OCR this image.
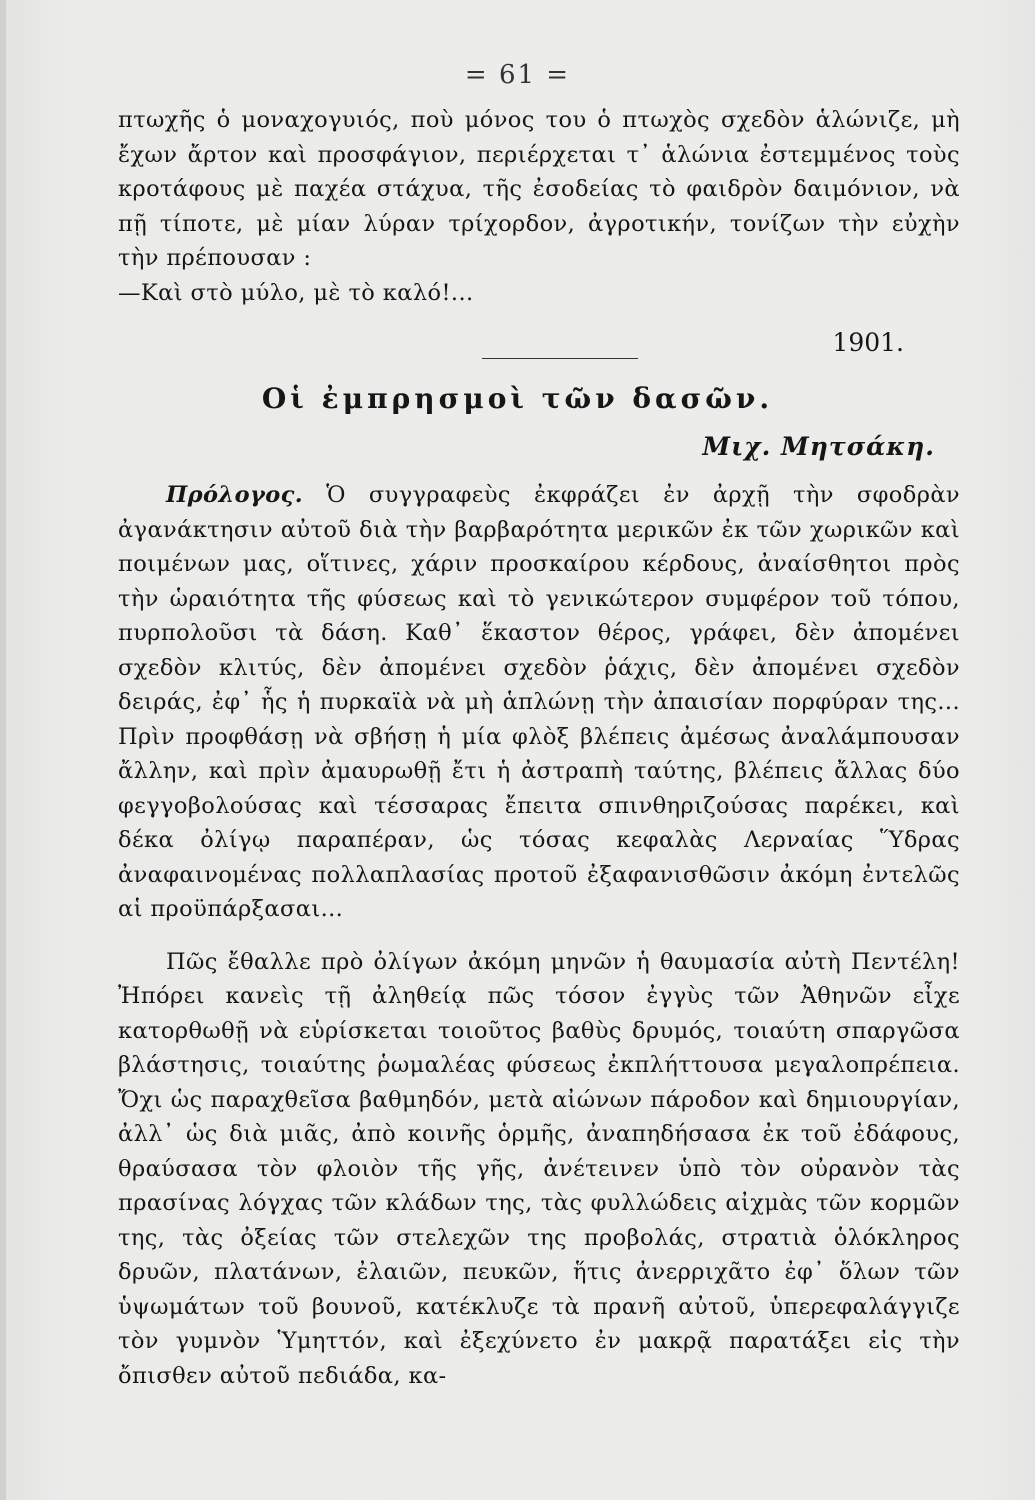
= 61 =

πτωχῆς ὁ μοναχογυιός, ποὺ μόνος του ὁ πτωχὸς σχεδὸν ἁλώνιζε, μὴ ἔχων ἄρτον καὶ προσφάγιον, περιέρχεται τ᾽ ἁλώνια ἐστεμμένος τοὺς κροτάφους μὲ παχέα στάχυα, τῆς ἐσοδείας τὸ φαιδρὸν δαιμόνιον, νὰ πῇ τίποτε, μὲ μίαν λύραν τρίχορδον, ἀγροτικήν, τονίζων τὴν εὐχὴν τὴν πρέπουσαν :

—Καὶ στὸ μύλο, μὲ τὸ καλό!...

1901.
Οἱ ἐμπρησμοὶ τῶν δασῶν.
Μιχ. Μητσάκη.

Πρόλογος. Ὁ συγγραφεὺς ἐκφράζει ἐν ἀρχῇ τὴν σφοδρὰν ἀγανάκτησιν αὐτοῦ διὰ τὴν βαρβαρότητα μερικῶν ἐκ τῶν χωρικῶν καὶ ποιμένων μας, οἵτινες, χάριν προσκαίρου κέρδους, ἀναίσθητοι πρὸς τὴν ὡραιότητα τῆς φύσεως καὶ τὸ γενικώτερον συμφέρον τοῦ τόπου, πυρπολοῦσι τὰ δάση. Καθ᾽ ἕκαστον θέρος, γράφει, δὲν ἀπομένει σχεδὸν κλιτύς, δὲν ἀπομένει σχεδὸν ῥάχις, δὲν ἀπομένει σχεδὸν δειράς, ἐφ᾽ ἧς ἡ πυρκαϊὰ νὰ μὴ ἁπλώνῃ τὴν ἀπαισίαν πορφύραν της... Πρὶν προφθάσῃ νὰ σβήσῃ ἡ μία φλὸξ βλέπεις ἀμέσως ἀναλάμπουσαν ἄλλην, καὶ πρὶν ἀμαυρωθῇ ἔτι ἡ ἀστραπὴ ταύτης, βλέπεις ἄλλας δύο φεγγοβολούσας καὶ τέσσαρας ἔπειτα σπινθηριζούσας παρέκει, καὶ δέκα ὀλίγῳ παραπέραν, ὡς τόσας κεφαλὰς Λερναίας Ὕδρας ἀναφαινομένας πολλαπλασίας προτοῦ ἐξαφανισθῶσιν ἀκόμη ἐντελῶς αἱ προϋπάρξασαι...

Πῶς ἔθαλλε πρὸ ὀλίγων ἀκόμη μηνῶν ἡ θαυμασία αὐτὴ Πεντέλη! Ἠπόρει κανεὶς τῇ ἀληθείᾳ πῶς τόσον ἐγγὺς τῶν Ἀθηνῶν εἶχε κατορθωθῇ νὰ εὑρίσκεται τοιοῦτος βαθὺς δρυμός, τοιαύτη σπαργῶσα βλάστησις, τοιαύτης ῥωμαλέας φύσεως ἐκπλήττουσα μεγαλοπρέπεια. Ὄχι ὡς παραχθεῖσα βαθμηδόν, μετὰ αἰώνων πάροδον καὶ δημιουργίαν, ἀλλ᾽ ὡς διὰ μιᾶς, ἀπὸ κοινῆς ὁρμῆς, ἀναπηδήσασα ἐκ τοῦ ἐδάφους, θραύσασα τὸν φλοιὸν τῆς γῆς, ἀνέτεινεν ὑπὸ τὸν οὐρανὸν τὰς πρασίνας λόγχας τῶν κλάδων της, τὰς φυλλώδεις αἰχμὰς τῶν κορμῶν της, τὰς ὀξείας τῶν στελεχῶν της προβολάς, στρατιὰ ὁλόκληρος δρυῶν, πλατάνων, ἐλαιῶν, πευκῶν, ἥτις ἀνερριχᾶτο ἐφ᾽ ὅλων τῶν ὑψωμάτων τοῦ βουνοῦ, κατέκλυζε τὰ πρανῆ αὐτοῦ, ὑπερεφαλάγγιζε τὸν γυμνὸν Ὑμηττόν, καὶ ἐξεχύνετο ἐν μακρᾷ παρατάξει εἰς τὴν ὄπισθεν αὐτοῦ πεδιάδα, κα-
